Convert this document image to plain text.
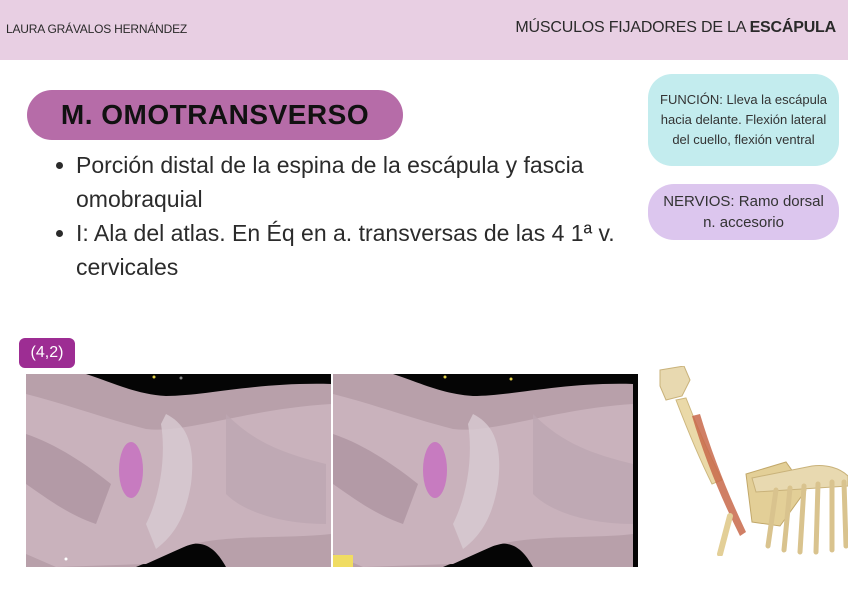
LAURA GRÁVALOS HERNÁNDEZ	MÚSCULOS FIJADORES DE LA ESCÁPULA
M. OMOTRANSVERSO
Porción distal de la espina de la escápula y fascia omobraquial
I: Ala del atlas. En Éq en a. transversas de las 4 1ª v. cervicales
FUNCIÓN: Lleva la escápula hacia delante. Flexión lateral del cuello, flexión ventral
NERVIOS: Ramo dorsal n. accesorio
(4,2)
